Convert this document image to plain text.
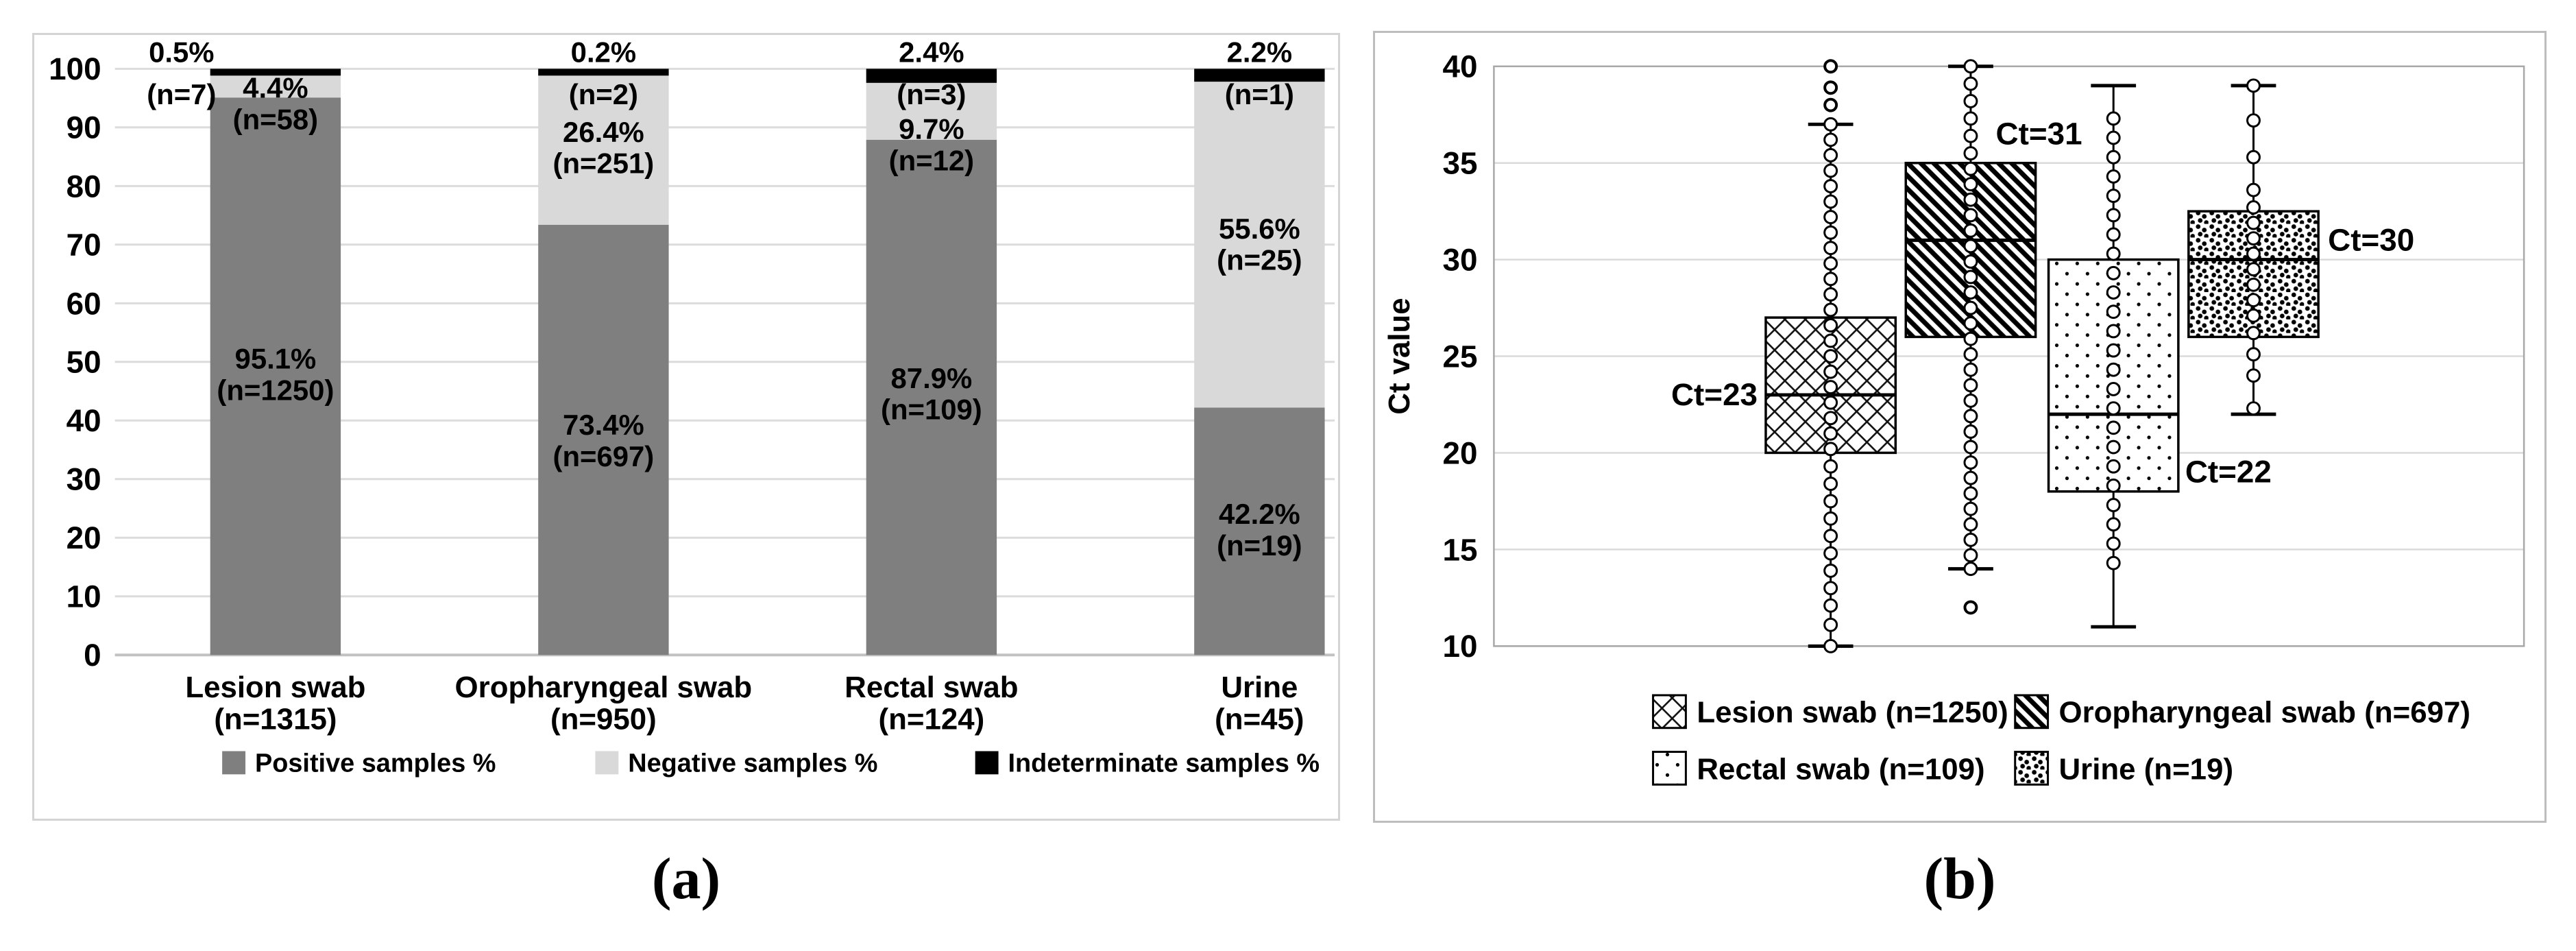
0
10
20
30
40
50
60
70
80
90
100
95.1%
(n=1250)
4.4%
(n=58)
0.5%
(n=7)
Lesion swab
(n=1315)
73.4%
(n=697)
26.4%
(n=251)
0.2%
(n=2)
Oropharyngeal swab
(n=950)
87.9%
(n=109)
9.7%
(n=12)
2.4%
(n=3)
Rectal swab
(n=124)
42.2%
(n=19)
55.6%
(n=25)
2.2%
(n=1)
Urine
(n=45)
Positive samples %	Negative samples %	Indeterminate samples %
10
15
20
25
30
35
40
Ct value	Ct=23
Ct=31
Ct=22
Ct=30
Lesion swab (n=1250) Oropharyngeal swab (n=697)
Rectal swab (n=109) Urine (n=19)
(a)	(b)
